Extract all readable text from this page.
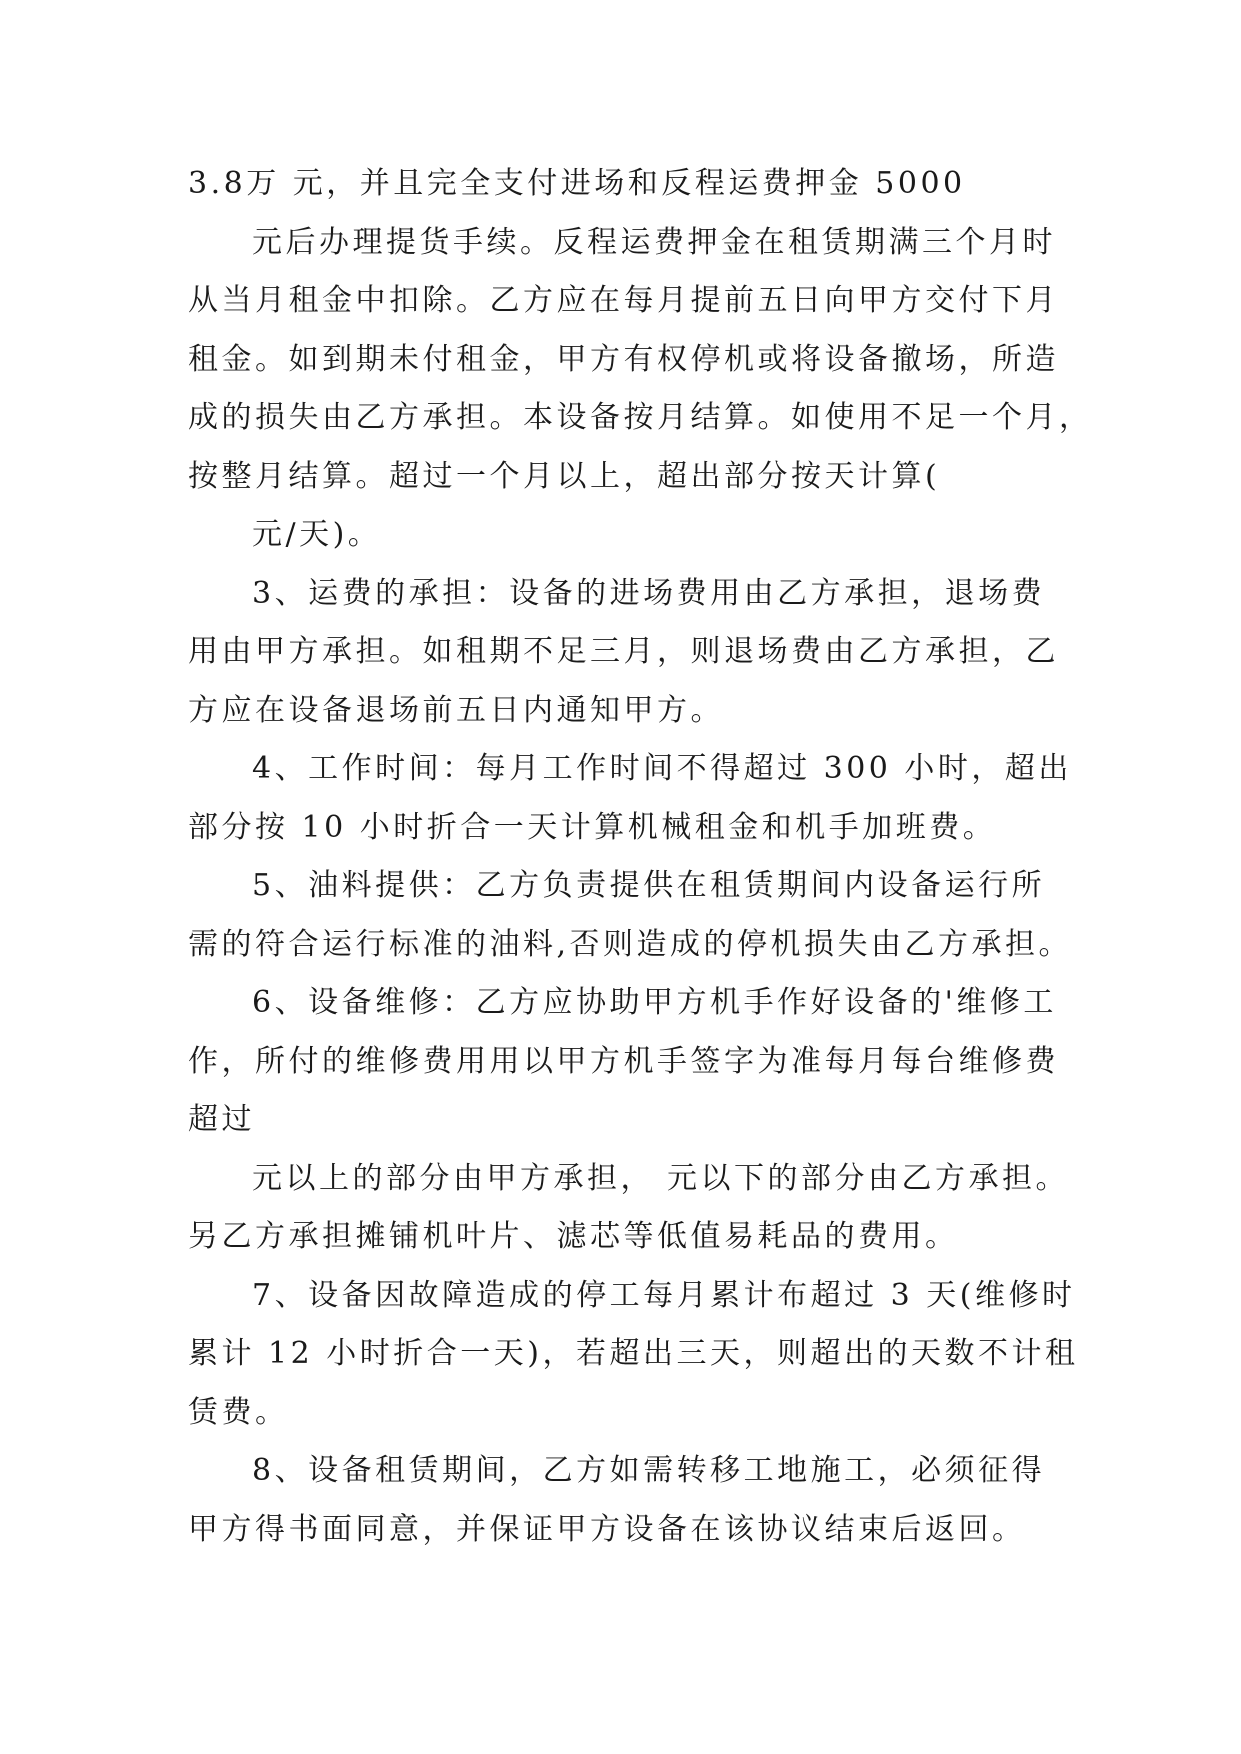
3.8万 元，并且完全支付进场和反程运费押金 5000
元后办理提货手续。反程运费押金在租赁期满三个月时
从当月租金中扣除。乙方应在每月提前五日向甲方交付下月
租金。如到期未付租金，甲方有权停机或将设备撤场，所造
成的损失由乙方承担。本设备按月结算。如使用不足一个月，
按整月结算。超过一个月以上，超出部分按天计算(
元/天)。
3、运费的承担：设备的进场费用由乙方承担，退场费
用由甲方承担。如租期不足三月，则退场费由乙方承担，乙
方应在设备退场前五日内通知甲方。
4、工作时间：每月工作时间不得超过 300 小时，超出
部分按 10 小时折合一天计算机械租金和机手加班费。
5、油料提供：乙方负责提供在租赁期间内设备运行所
需的符合运行标准的油料,否则造成的停机损失由乙方承担。
6、设备维修：乙方应协助甲方机手作好设备的'维修工
作，所付的维修费用用以甲方机手签字为准每月每台维修费
超过
元以上的部分由甲方承担， 元以下的部分由乙方承担。
另乙方承担摊铺机叶片、滤芯等低值易耗品的费用。
7、设备因故障造成的停工每月累计布超过 3 天(维修时
累计 12 小时折合一天)，若超出三天，则超出的天数不计租
赁费。
8、设备租赁期间，乙方如需转移工地施工，必须征得
甲方得书面同意，并保证甲方设备在该协议结束后返回。
